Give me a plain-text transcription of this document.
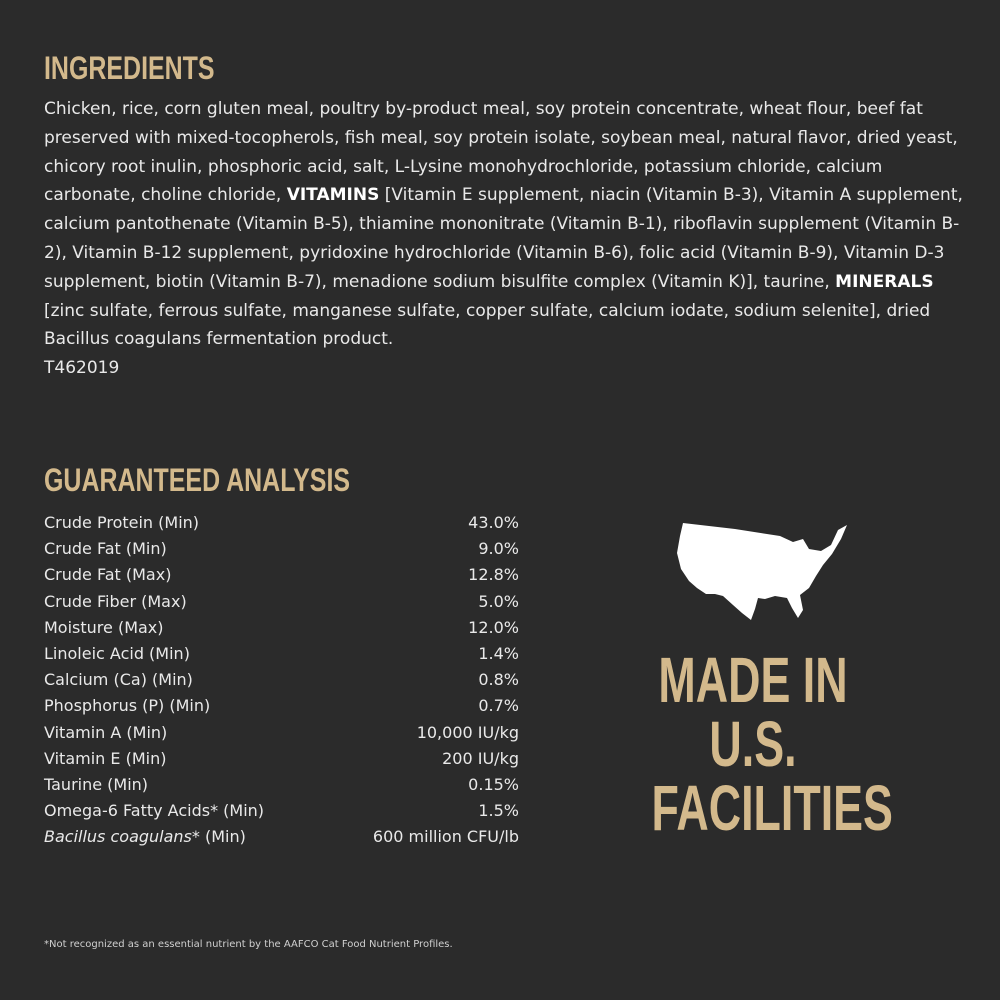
INGREDIENTS

Chicken, rice, corn gluten meal, poultry by-product meal, soy protein concentrate, wheat flour, beef fat preserved with mixed-tocopherols, fish meal, soy protein isolate, soybean meal, natural flavor, dried yeast, chicory root inulin, phosphoric acid, salt, L-Lysine monohydrochloride, potassium chloride, calcium carbonate, choline chloride, VITAMINS [Vitamin E supplement, niacin (Vitamin B-3), Vitamin A supplement, calcium pantothenate (Vitamin B-5), thiamine mononitrate (Vitamin B-1), riboflavin supplement (Vitamin B-2), Vitamin B-12 supplement, pyridoxine hydrochloride (Vitamin B-6), folic acid (Vitamin B-9), Vitamin D-3 supplement, biotin (Vitamin B-7), menadione sodium bisulfite complex (Vitamin K)], taurine, MINERALS [zinc sulfate, ferrous sulfate, manganese sulfate, copper sulfate, calcium iodate, sodium selenite], dried Bacillus coagulans fermentation product.
T462019

GUARANTEED ANALYSIS
Crude Protein (Min)	43.0%
Crude Fat (Min)	9.0%
Crude Fat (Max)	12.8%
Crude Fiber (Max)	5.0%
Moisture (Max)	12.0%
Linoleic Acid (Min)	1.4%
Calcium (Ca) (Min)	0.8%
Phosphorus (P) (Min)	0.7%
Vitamin A (Min)	10,000 IU/kg
Vitamin E (Min)	200 IU/kg
Taurine (Min)	0.15%
Omega-6 Fatty Acids* (Min)	1.5%
Bacillus coagulans* (Min)	600 million CFU/lb
MADE IN
U.S.
FACILITIES

*Not recognized as an essential nutrient by the AAFCO Cat Food Nutrient Profiles.
